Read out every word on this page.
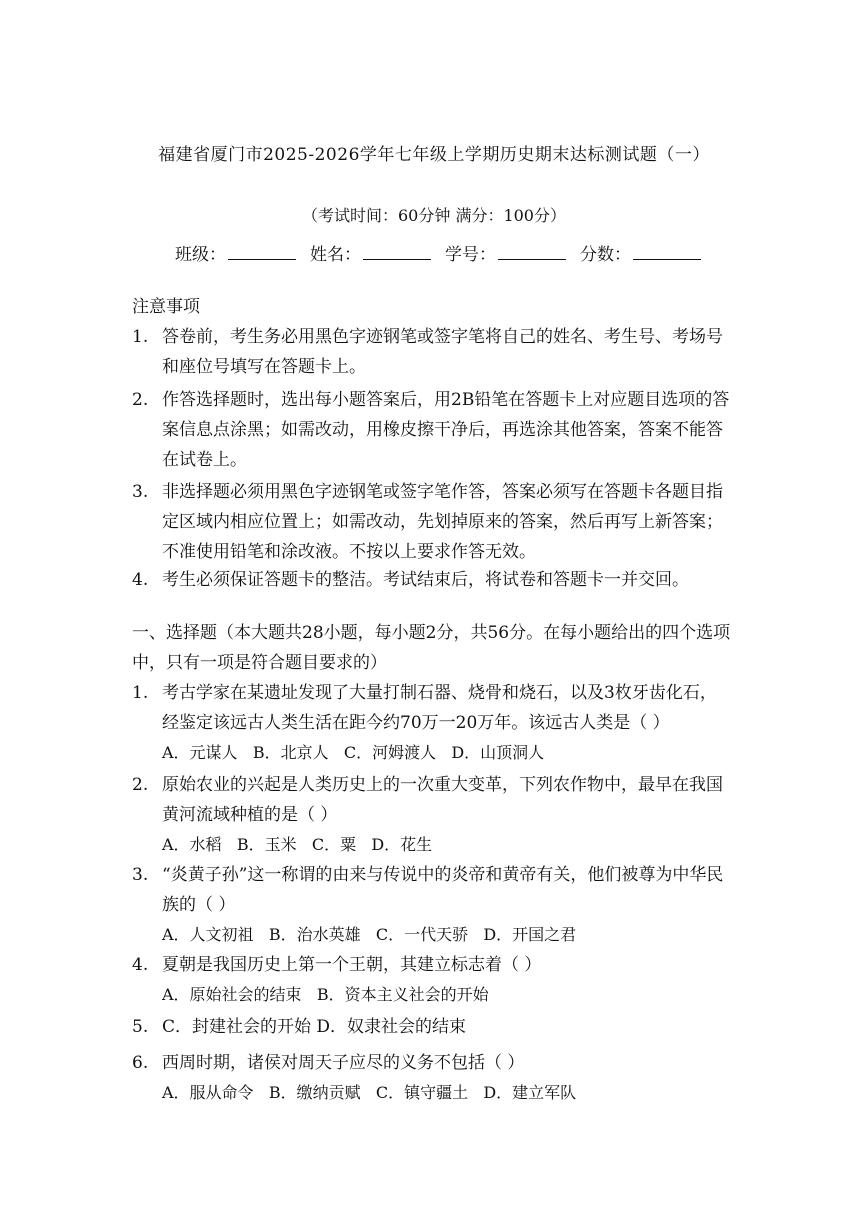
福建省厦门市2025-2026学年七年级上学期历史期末达标测试题（一）
（考试时间：60分钟 满分：100分）
班级：	姓名：	学号：	分数：
注意事项
1. 答卷前，考生务必用黑色字迹钢笔或签字笔将自己的姓名、考生号、考场号和座位号填写在答题卡上。
2. 作答选择题时，选出每小题答案后，用2B铅笔在答题卡上对应题目选项的答案信息点涂黑；如需改动，用橡皮擦干净后，再选涂其他答案，答案不能答在试卷上。
3. 非选择题必须用黑色字迹钢笔或签字笔作答，答案必须写在答题卡各题目指定区域内相应位置上；如需改动，先划掉原来的答案，然后再写上新答案；不准使用铅笔和涂改液。不按以上要求作答无效。
4. 考生必须保证答题卡的整洁。考试结束后，将试卷和答题卡一并交回。
一、选择题（本大题共28小题，每小题2分，共56分。在每小题给出的四个选项中，只有一项是符合题目要求的）
1. 考古学家在某遗址发现了大量打制石器、烧骨和烧石，以及3枚牙齿化石，经鉴定该远古人类生活在距今约70万一20万年。该远古人类是（ ）
A．元谋人   B．北京人   C．河姆渡人   D．山顶洞人
2. 原始农业的兴起是人类历史上的一次重大变革，下列农作物中，最早在我国黄河流域种植的是（ ）
A．水稻   B．玉米   C．粟   D．花生
3. “炎黄子孙”这一称谓的由来与传说中的炎帝和黄帝有关，他们被尊为中华民族的（ ）
A．人文初祖   B．治水英雄   C．一代天骄   D．开国之君
4. 夏朝是我国历史上第一个王朝，其建立标志着（ ）
A．原始社会的结束   B．资本主义社会的开始
5. C．封建社会的开始 D．奴隶社会的结束
6. 西周时期，诸侯对周天子应尽的义务不包括（ ）
A．服从命令   B．缴纳贡赋   C．镇守疆土   D．建立军队
